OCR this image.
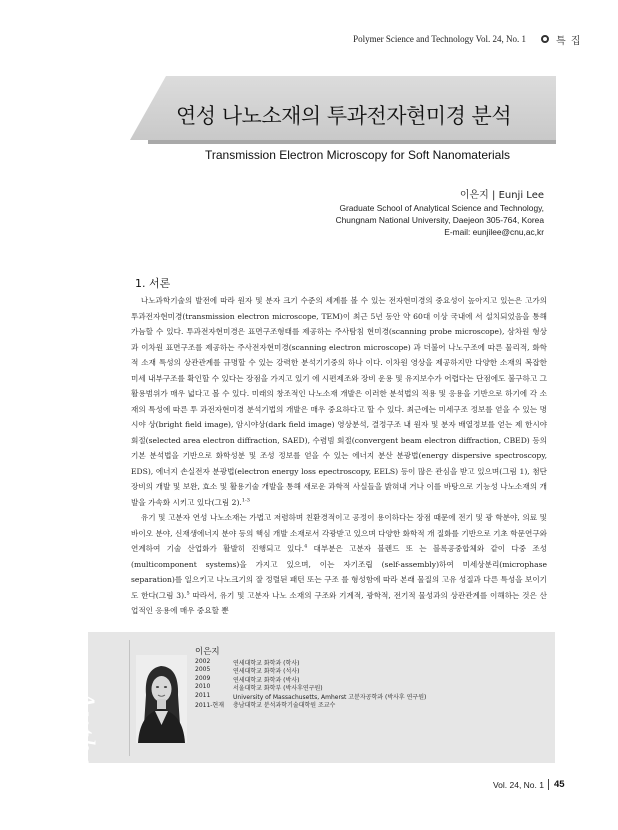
Polymer Science and Technology Vol. 24, No. 1	특 집
연성 나노소재의 투과전자현미경 분석
Transmission Electron Microscopy for Soft Nanomaterials
이은지 | Eunji Lee
Graduate School of Analytical Science and Technology,
Chungnam National University, Daejeon 305-764, Korea
E-mail: eunjilee@cnu,ac,kr
1. 서론

나노과학기술의 발전에 따라 원자 및 분자 크기 수준의 세계를 볼 수 있는 전자현미경의 중요성이 높아지고 있는은 고가의 투과전자현미경(transmission electron microscope, TEM)이 최근 5년 동안 약 60대 이상 국내에 서 설치되었음을 통해 가늠할 수 있다. 투과전자현미경은 표면구조형태를 제공하는 주사탐침 현미경(scanning probe microscope), 삼차원 형상과 이차원 표면구조를 제공하는 주사전자현미경(scanning electron microscope) 과 더불어 나노구조에 따른 물리적, 화학적 소재 특성의 상관관계를 규명할 수 있는 강력한 분석기기중의 하나 이다. 이차원 영상을 제공하지만 다양한 소재의 복잡한 미세 내부구조를 확인할 수 있다는 장점을 가지고 있기 에 시편제조와 장비 운용 및 유지보수가 어렵다는 단점에도 불구하고 그 활용범위가 매우 넓다고 볼 수 있다. 미래의 창조적인 나노소재 개발은 이러한 분석법의 적용 및 응용을 기반으로 하기에 각 소재의 특성에 따른 투 과전자현미경 분석기법의 개발은 매우 중요하다고 할 수 있다. 최근에는 미세구조 정보를 얻을 수 있는 명시야 상(bright field image), 암시야상(dark field image) 영상분석, 결정구조 내 원자 및 분자 배열정보를 얻는 제 한시야 회절(selected area electron diffraction, SAED), 수렴빔 회절(convergent beam electron diffraction, CBED) 등의 기본 분석법을 기반으로 화학성분 및 조성 정보를 얻을 수 있는 에너지 분산 분광법(energy dispersive spectroscopy, EDS), 에너지 손실전자 분광법(electron energy loss epectroscopy, EELS) 등이 많은 관심을 받고 있으며(그림 1), 첨단 장비의 개발 및 보완, 효소 및 활용기술 개발을 통해 새로운 과학적 사실들을 밝혀내 거나 이를 바탕으로 기능성 나노소재의 개발을 가속화 시키고 있다(그림 2).$^{1-3}$

유기 및 고분자 연성 나노소재는 가볍고 저렴하며 친환경적이고 공정이 용이하다는 장점 때문에 전기 및 광 학분야, 의료 및 바이오 분야, 신재생에너지 분야 등의 핵심 개발 소재로서 각광받고 있으며 다양한 화학적 개 질화를 기반으로 기초 학문연구와 연계하여 기술 산업화가 활발히 진행되고 있다.$^4$ 대부분은 고분자 블렌드 또 는 블록공중합체와 같이 다중 조성(multicomponent systems)을 가지고 있으며, 이는 자기조립 (self-assembly)하여 미세상분리(microphase separation)를 일으키고 나노크기의 잘 정렬된 패턴 또는 구조 를 형성함에 따라 본래 물질의 고유 성질과 다른 특성을 보이기도 한다(그림 3).$^5$ 따라서, 유기 및 고분자 나노 소재의 구조와 기계적, 광학적, 전기적 물성과의 상관관계를 이해하는 것은 산업적인 응용에 매우 중요할 뿐

Author
이은지
2002	연세대학교 화학과 (학사)
2005	연세대학교 화학과 (석사)
2009	연세대학교 화학과 (박사)
2010	서울대학교 화학부 (박사후연구원)
2011	University of Massachusetts, Amherst 고분자공학과 (박사후 연구원)
2011-현재	충남대학교 분석과학기술대학원 조교수
Vol. 24, No. 1 45
